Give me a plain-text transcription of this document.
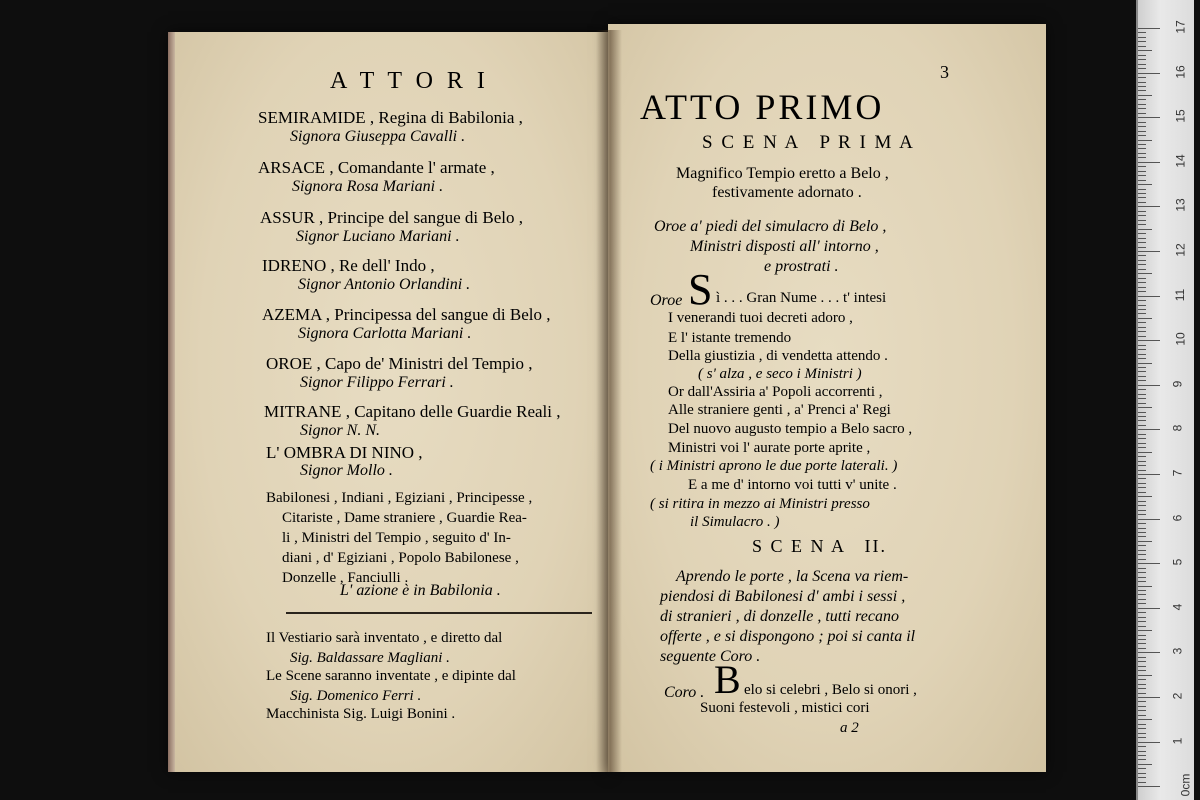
A T T O R I
SEMIRAMIDE , Regina di Babilonia ,
Signora Giuseppa Cavalli .
ARSACE , Comandante l' armate ,
Signora Rosa Mariani .
ASSUR , Principe del sangue di Belo ,
Signor Luciano Mariani .
IDRENO , Re dell' Indo ,
Signor Antonio Orlandini .
AZEMA , Principessa del sangue di Belo ,
Signora Carlotta Mariani .
OROE , Capo de' Ministri del Tempio ,
Signor Filippo Ferrari .
MITRANE , Capitano delle Guardie Reali ,
Signor N. N.
L' OMBRA DI NINO ,
Signor Mollo .
Babilonesi , Indiani , Egiziani , Principesse ,
Citariste , Dame straniere , Guardie Rea-
li , Ministri del Tempio , seguito d' In-
diani , d' Egiziani , Popolo Babilonese ,
Donzelle , Fanciulli .
L' azione è in Babilonia .
Il Vestiario sarà inventato , e diretto dal
Sig. Baldassare Magliani .
Le Scene saranno inventate , e dipinte dal
Sig. Domenico Ferri .
Macchinista Sig. Luigi Bonini .
3
ATTO PRIMO
S C E N A   P R I M A
Magnifico Tempio eretto a Belo ,
festivamente adornato .
Oroe a' piedi del simulacro di Belo ,
Ministri disposti all' intorno ,
e prostrati .
Oroe S ì . . . Gran Nume . . . t' intesi
I venerandi tuoi decreti adoro ,
E l' istante tremendo
Della giustizia , di vendetta attendo .
( s' alza , e seco i Ministri )
Or dall'Assiria a' Popoli accorrenti ,
Alle straniere genti , a' Prenci a' Regi
Del nuovo augusto tempio a Belo sacro ,
Ministri voi l' aurate porte aprite ,
( i Ministri aprono le due porte laterali. )
E a me d' intorno voi tutti v' unite .
( si ritira in mezzo ai Ministri presso
il Simulacro . )
S C E N A   II.
Aprendo le porte , la Scena va riem-
piendosi di Babilonesi d' ambi i sessi ,
di stranieri , di donzelle , tutti recano
offerte , e si dispongono ; poi si canta il
seguente Coro .
Coro . B elo si celebri , Belo si onori ,
Suoni festevoli , mistici cori
a 2
17
16
15
14
13
12
11
10
9
8
7
6
5
4
3
2
1
0cm
